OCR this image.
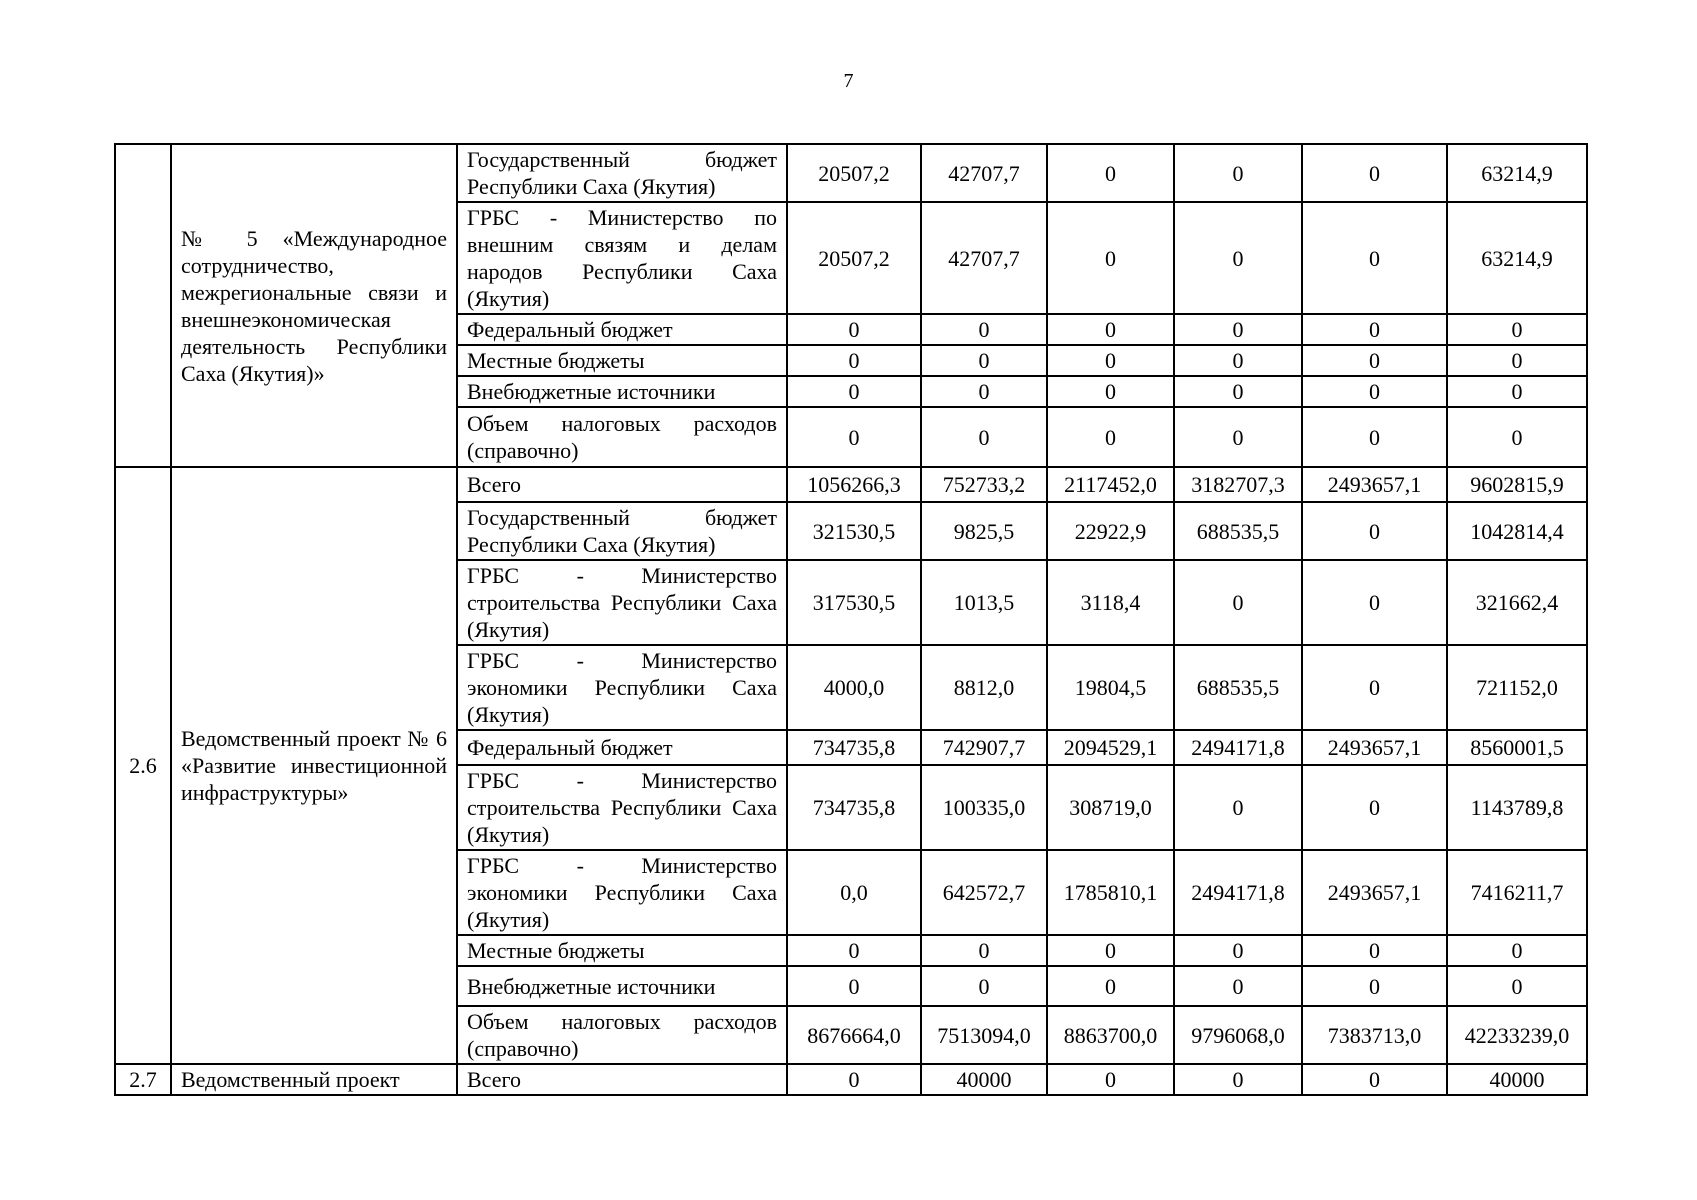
7
	№ 5 «Международное сотрудничество, межрегиональные связи и внешнеэкономическая деятельность Республики Саха (Якутия)»	Государственный бюджет Республики Саха (Якутия)	20507,2	42707,7	0	0	0	63214,9
		ГРБС - Министерство по внешним связям и делам народов Республики Саха (Якутия)	20507,2	42707,7	0	0	0	63214,9
		Федеральный бюджет	0	0	0	0	0	0
		Местные бюджеты	0	0	0	0	0	0
		Внебюджетные источники	0	0	0	0	0	0
		Объем налоговых расходов (справочно)	0	0	0	0	0	0
2.6	Ведомственный проект № 6 «Развитие инвестиционной инфраструктуры»	Всего	1056266,3	752733,2	2117452,0	3182707,3	2493657,1	9602815,9
		Государственный бюджет Республики Саха (Якутия)	321530,5	9825,5	22922,9	688535,5	0	1042814,4
		ГРБС - Министерство строительства Республики Саха (Якутия)	317530,5	1013,5	3118,4	0	0	321662,4
		ГРБС - Министерство экономики Республики Саха (Якутия)	4000,0	8812,0	19804,5	688535,5	0	721152,0
		Федеральный бюджет	734735,8	742907,7	2094529,1	2494171,8	2493657,1	8560001,5
		ГРБС - Министерство строительства Республики Саха (Якутия)	734735,8	100335,0	308719,0	0	0	1143789,8
		ГРБС - Министерство экономики Республики Саха (Якутия)	0,0	642572,7	1785810,1	2494171,8	2493657,1	7416211,7
		Местные бюджеты	0	0	0	0	0	0
		Внебюджетные источники	0	0	0	0	0	0
		Объем налоговых расходов (справочно)	8676664,0	7513094,0	8863700,0	9796068,0	7383713,0	42233239,0
2.7	Ведомственный проект	Всего	0	40000	0	0	0	40000
